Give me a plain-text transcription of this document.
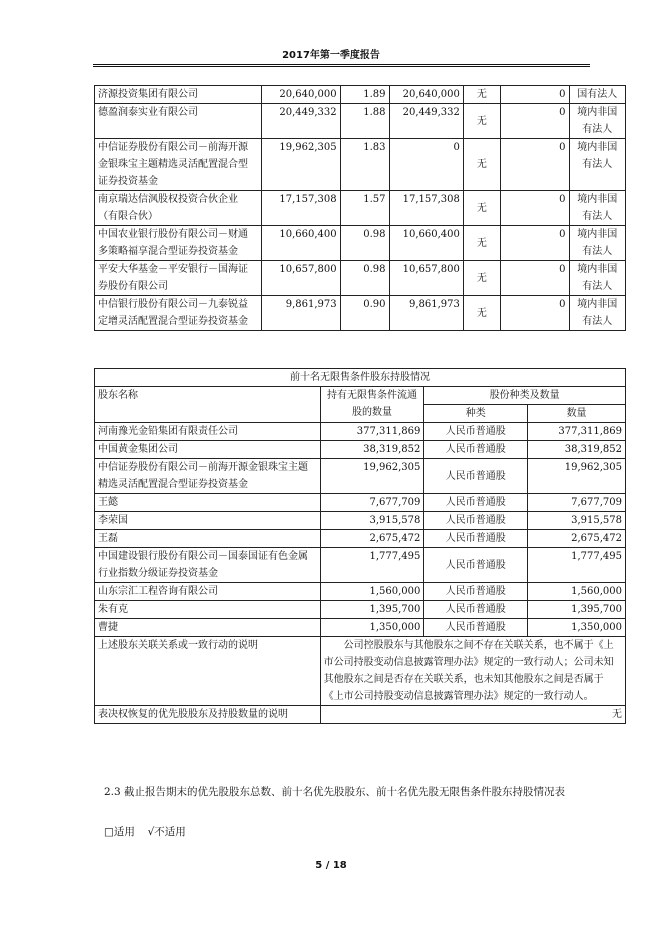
2017年第一季度报告
济源投资集团有限公司	20,640,000	1.89	20,640,000	无	0	国有法人
德盈润泰实业有限公司	20,449,332	1.88	20,449,332	无	0	境内非国有法人
中信证券股份有限公司－前海开源金银珠宝主题精选灵活配置混合型证券投资基金	19,962,305	1.83	0	无	0	境内非国有法人
南京瑞达信沨股权投资合伙企业（有限合伙）	17,157,308	1.57	17,157,308	无	0	境内非国有法人
中国农业银行股份有限公司－财通多策略福享混合型证券投资基金	10,660,400	0.98	10,660,400	无	0	境内非国有法人
平安大华基金－平安银行－国海证券股份有限公司	10,657,800	0.98	10,657,800	无	0	境内非国有法人
中信银行股份有限公司－九泰锐益定增灵活配置混合型证券投资基金	9,861,973	0.90	9,861,973	无	0	境内非国有法人
前十名无限售条件股东持股情况			
股东名称	持有无限售条件流通股的数量	股份种类及数量	
		种类	数量
河南豫光金铅集团有限责任公司	377,311,869	人民币普通股	377,311,869
中国黄金集团公司	38,319,852	人民币普通股	38,319,852
中信证券股份有限公司－前海开源金银珠宝主题精选灵活配置混合型证券投资基金	19,962,305	人民币普通股	19,962,305
王懿	7,677,709	人民币普通股	7,677,709
李荣国	3,915,578	人民币普通股	3,915,578
王磊	2,675,472	人民币普通股	2,675,472
中国建设银行股份有限公司－国泰国证有色金属行业指数分级证券投资基金	1,777,495	人民币普通股	1,777,495
山东宗汇工程咨询有限公司	1,560,000	人民币普通股	1,560,000
朱有克	1,395,700	人民币普通股	1,395,700
曹捷	1,350,000	人民币普通股	1,350,000
上述股东关联关系或一致行动的说明	公司控股股东与其他股东之间不存在关联关系，也不属于《上市公司持股变动信息披露管理办法》规定的一致行动人；公司未知其他股东之间是否存在关联关系，也未知其他股东之间是否属于《上市公司持股变动信息披露管理办法》规定的一致行动人。		
表决权恢复的优先股股东及持股数量的说明	无		
2.3 截止报告期末的优先股股东总数、前十名优先股股东、前十名优先股无限售条件股东持股情况表
□适用 √不适用
5 / 18
